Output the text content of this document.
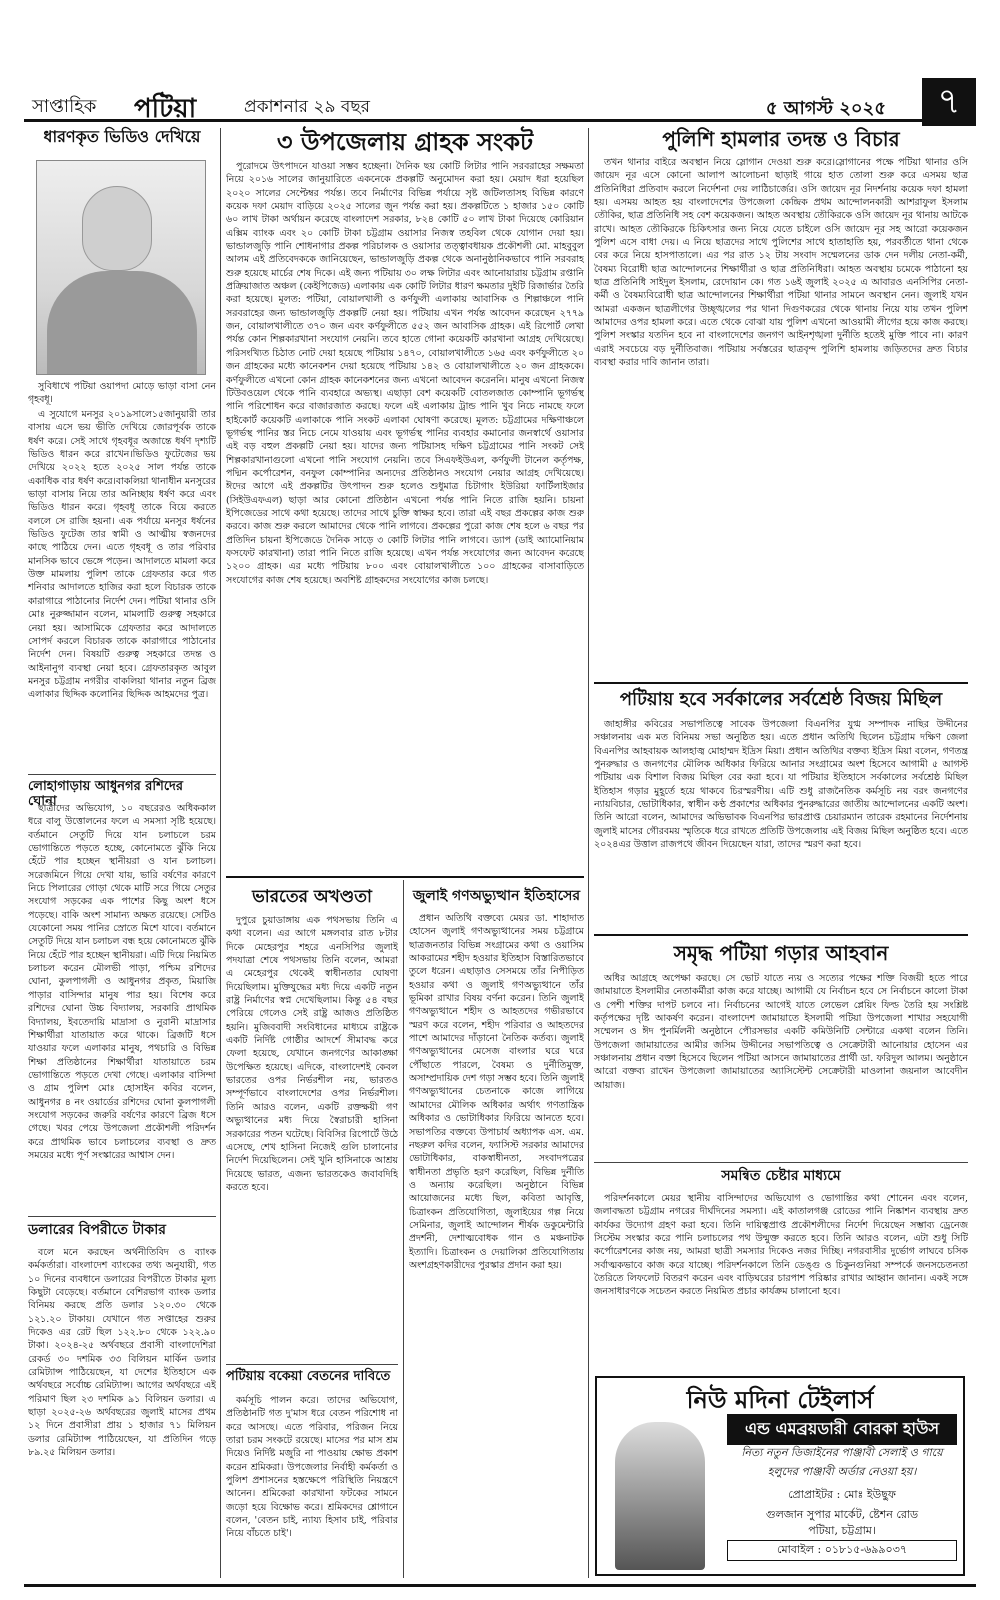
সাপ্তাহিক পটিয়া	প্রকাশনার ২৯ বছর	৫ আগস্ট ২০২৫	৭
ধারণকৃত ভিডিও দেখিয়ে

সুবিধাখে পটিয়া ওয়াপদা মোড়ে ভাড়া বাসা নেন গৃহবধূ।

এ সুযোগে মনসুর ২০১৯সালে১৫জানুয়ারী তার বাসায় এসে ভয় ভীতি দেখিয়ে জোরপূর্বক তাকে ধর্ষণ করে। সেই সাথে গৃহবধূর অজান্তে ধর্ষণ দৃশ্যটি ভিডিও ধারন করে রাখেন।ভিডিও ফুটেজের ভয় দেখিয়ে ২০২২ হতে ২০২৫ সাল পর্যন্ত তাকে একাধিক বার ধর্ষণ করে।বাকলিয়া থানাধীন মনসুরের ভাড়া বাসায় নিয়ে তার অনিচ্ছায় ধর্ষণ করে এবং ভিডিও ধারন করে। গৃহবধূ তাকে বিয়ে করতে বললে সে রাজি হয়না। এক পর্যায়ে মনসুর ধর্ষনের ভিডিও ফুটেজ তার স্বামী ও আত্মীয় স্বজনদের কাছে পাঠিয়ে দেন। এতে গৃহবধূ ও তার পরিবার মানসিক ভাবে ভেঙ্গে পড়েন। আদালতে মামলা করে উক্ত মামলায় পুলিশ তাকে গ্রেফতার করে গত শনিবার আদালতে হাজির করা হলে বিচারক তাকে কারাগারে পাঠানোর নির্দেশ দেন। পটিয়া থানার ওসি মোঃ নুরুজ্জামান বলেন, মামলাটি গুরুত্ব সহকারে নেয়া হয়। আসামিকে গ্রেফতার করে আদালতে সোপর্দ করলে বিচারক তাকে কারাগারে পাঠানোর নির্দেশ দেন। বিষয়টি গুরুত্ব সহকারে তদন্ত ও আইনানুগ ব্যবস্থা নেয়া হবে। গ্রেফতারকৃত আবুল মনসুর চট্টগ্রাম নগরীর বাকলিয়া থানার নতুন ব্রিজ এলাকার ছিদ্দিক কলোনির ছিদ্দিক আহমদের পুত্র।

লোহাগাড়ায় আধুনগর রশিদের ঘোনা

ছাত্রীদের অভিযোগ, ১০ বছরেরও অধিককাল ধরে বালু উত্তোলনের ফলে এ সমস্যা সৃষ্টি হয়েছে। বর্তমানে সেতুটি দিয়ে যান চলাচলে চরম ভোগান্তিতে পড়তে হচ্ছে, কোনোমতে ঝুঁকি নিয়ে হেঁটে পার হচ্ছেন স্থানীয়রা ও যান চলাচল। সরেজমিনে গিয়ে দেখা যায়, ভারি বর্ষণের কারণে নিচে পিলারের গোড়া থেকে মাটি সরে গিয়ে সেতুর সংযোগ সড়কের এক পাশের কিছু অংশ ধসে পড়েছে। বাকি অংশ সামান্য অক্ষত রয়েছে। সেটিও যেকোনো সময় পানির স্রোতে মিশে যাবে। বর্তমানে সেতুটি দিয়ে যান চলাচল বন্ধ হয়ে কোনোমতে ঝুঁকি নিয়ে হেঁটে পার হচ্ছেন স্থানীয়রা। এটি দিয়ে নিয়মিত চলাচল করেন মৌলভী পাড়া, পশ্চিম রশিদের ঘোনা, কুলপাগলী ও আধুনগর প্রকৃত, মিয়াজি পাড়ার বাসিন্দার মানুষ পার হয়। বিশেষ করে রশিদের ঘোনা উচ্চ বিদ্যালয়, সরকারি প্রাথমিক বিদ্যালয়, ইবতেদায়ি মাদ্রাসা ও নুরানী মাদ্রাসার শিক্ষার্থীরা যাতায়াত করে থাকে। ব্রিজটি ধসে যাওয়ার ফলে এলাকার মানুষ, পথচারি ও বিভিন্ন শিক্ষা প্রতিষ্ঠানের শিক্ষার্থীরা যাতায়াতে চরম ভোগান্তিতে পড়তে দেখা গেছে। এলাকার বাসিন্দা ও গ্রাম পুলিশ মোঃ হোসাইন কবির বলেন, আধুনগর ৪ নং ওয়ার্ডের রশিদের ঘোনা কুলপাগলী সংযোগ সড়কের জরুরি বর্ষণের কারণে ব্রিজ ধসে গেছে। খবর পেয়ে উপজেলা প্রকৌশলী পরিদর্শন করে প্রাথমিক ভাবে চলাচলের ব্যবস্থা ও দ্রুত সময়ের মধ্যে পূর্ণ সংস্কারের আশ্বাস দেন।

ডলারের বিপরীতে টাকার

বলে মনে করছেন অর্থনীতিবিদ ও ব্যাংক কর্মকর্তারা। বাংলাদেশ ব্যাংকের তথ্য অনুযায়ী, গত ১০ দিনের ব্যবধানে ডলারের বিপরীতে টাকার মূল্য কিছুটা বেড়েছে। বর্তমানে বেশিরভাগ ব্যাংক ডলার বিনিময় করছে প্রতি ডলার ১২০.৩০ থেকে ১২১.২০ টাকায়। যেখানে গত সপ্তাহের শুরুর দিকেও এর রেট ছিল ১২২.৮০ থেকে ১২২.৯০ টাকা। ২০২৪-২৫ অর্থবছরে প্রবাসী বাংলাদেশিরা রেকর্ড ৩০ দশমিক ৩৩ বিলিয়ন মার্কিন ডলার রেমিট্যান্স পাঠিয়েছেন, যা দেশের ইতিহাসে এক অর্থবছরে সর্বোচ্চ রেমিট্যান্স। আগের অর্থবছরে এই পরিমাণ ছিল ২৩ দশমিক ৯১ বিলিয়ন ডলার। এ ছাড়া ২০২৫-২৬ অর্থবছরের জুলাই মাসের প্রথম ১২ দিনে প্রবাসীরা প্রায় ১ হাজার ৭১ মিলিয়ন ডলার রেমিট্যান্স পাঠিয়েছেন, যা প্রতিদিন গড়ে ৮৯.২৫ মিলিয়ন ডলার।

৩ উপজেলায় গ্রাহক সংকট

পুরোদমে উৎপাদনে যাওয়া সম্ভব হচ্ছেনা। দৈনিক ছয় কোটি লিটার পানি সরবরাহের সক্ষমতা নিয়ে ২০১৬ সালের জানুয়ারিতে একনেকে প্রকল্পটি অনুমোদন করা হয়। মেয়াদ ধরা হয়েছিল ২০২০ সালের সেপ্টেম্বর পর্যন্ত। তবে নির্মাণের বিভিন্ন পর্যায়ে সৃষ্ট জটিলতাসহ বিভিন্ন কারণে কয়েক দফা মেয়াদ বাড়িয়ে ২০২৫ সালের জুন পর্যন্ত করা হয়। প্রকল্পটিতে ১ হাজার ১৫০ কোটি ৬০ লাখ টাকা অর্থায়ন করেছে বাংলাদেশ সরকার, ৮২৪ কোটি ৫০ লাখ টাকা দিয়েছে কোরিয়ান এক্সিম ব্যাংক এবং ২০ কোটি টাকা চট্টগ্রাম ওয়াসার নিজস্ব তহবিল থেকে যোগান দেয়া হয়। ভান্ডালজুড়ি পানি শোধনাগার প্রকল্প পরিচালক ও ওয়াসার তত্ত্বাবধায়ক প্রকৌশলী মো. মাহবুবুল আলম এই প্রতিবেদককে জানিয়েছেন, ভান্ডালজুড়ি প্রকল্প থেকে অনানুষ্ঠানিকভাবে পানি সরবরাহ শুরু হয়েছে মার্চের শেষ দিকে। এই জন্য পটিয়ায় ৩০ লক্ষ লিটার এবং আনোয়ারায় চট্টগ্রাম রপ্তানি প্রক্রিয়াজাত অঞ্চল (কেইপিজেড) এলাকায় এক কোটি লিটার ধারণ ক্ষমতার দুইটি রিজার্ভার তৈরি করা হয়েছে। মূলত: পটিয়া, বোয়ালখালী ও কর্ণফুলী এলাকায় আবাসিক ও শিল্পাঞ্চলে পানি সরবরাহের জন্য ভান্ডালজুড়ি প্রকল্পটি নেয়া হয়। পটিয়ায় এখন পর্যন্ত আবেদন করেছেন ২৭৭৯ জন, বোয়ালখালীতে ৩৭০ জন এবং কর্ণফুলীতে ৫৫২ জন আবাসিক গ্রাহক। এই রিপোর্ট লেখা পর্যন্ত কোন শিল্পকারখানা সংযোগ নেয়নি। তবে হাতে গোনা কয়েকটি কারখানা আগ্রহ দেখিয়েছে। পরিসংখ্যিত চিঠাত নোট দেয়া হয়েছে পটিয়ায় ১৪৭০, বোয়ালখালীতে ১৬৫ এবং কর্ণফুলীতে ২০ জন গ্রাহকের মধ্যে কানেকশন দেয়া হয়েছে পটিয়ায় ১৪২ ও বোয়ালখালীতে ২০ জন গ্রাহককে। কর্ণফুলীতে এখনো কোন গ্রাহক কানেকশনের জন্য এখনো আবেদন করেননি। মানুষ এখনো নিজস্ব টিউবওয়েল থেকে পানি ব্যবহারে অভ্যস্থ। এছাড়া বেশ কয়েকটি বোতলজাত কোম্পানি ভূগর্ভস্থ পানি পরিশোধন করে বাজারজাত করছে। ফলে এই এলাকায় ট্রান্ড পানি খুব নিচে নামছে ফলে হাইকোর্ট কয়েকটি এলাকাকে পানি সংকট এলাকা ঘোষণা করেছে। মূলত: চট্টগ্রামের দক্ষিণাঞ্চলে ভূগর্ভস্থ পানির স্তর নিচে নেমে যাওয়ায় এবং ভূগর্ভস্থ পানির ব্যবহার কমানোর জনস্বার্থে ওয়াসার এই বড় বহুল প্রকল্পটি নেয়া হয়। যাদের জন্য পটিয়াসহ দক্ষিণ চট্টগ্রামের পানি সংকট সেই শিল্পকারখানাগুলো এখনো পানি সংযোগ নেয়নি। তবে সিএফইউএল, কর্ণফুলী টানেল কর্তৃপক্ষ, পদ্মিন কর্পোরেশন, বনফুল কোম্পানির অন্যদের প্রতিষ্ঠানও সংযোগ নেয়ার আগ্রহ দেখিয়েছে। ঈদের আগে এই প্রকল্পটির উৎপাদন শুরু হলেও শুধুমাত্র চিটাগাং ইউরিয়া ফার্টিলাইজার (সিইউএফএল) ছাড়া আর কোনো প্রতিষ্ঠান এখনো পর্যন্ত পানি নিতে রাজি হয়নি। চায়না ইপিজেডের সাথে কথা হয়েছে। তাদের সাথে চুক্তি স্বাক্ষর হবে। তারা এই বছর প্রকল্পের কাজ শুরু করবে। কাজ শুরু করলে আমাদের থেকে পানি লাগবে। প্রকল্পের পুরো কাজ শেষ হলে ৬ বছর পর প্রতিদিন চায়না ইপিজেডে দৈনিক সাড়ে ৩ কোটি লিটার পানি লাগবে। ড্যাপ (ডাই অ্যামোনিয়াম ফসফেট কারখানা) তারা পানি নিতে রাজি হয়েছে। এখন পর্যন্ত সংযোগের জন্য আবেদন করেছে ১২০০ গ্রাহক। এর মধ্যে পটিয়ায় ৮০০ এবং বোয়ালখালীতে ১০০ গ্রাহকের বাসাবাড়িতে সংযোগের কাজ শেষ হয়েছে। অবশিষ্ট গ্রাহকদের সংযোগের কাজ চলছে।

ভারতের অখণ্ডতা

দুপুরে চুয়াডাঙ্গায় এক পথসভায় তিনি এ কথা বলেন। এর আগে মঙ্গলবার রাত ৮টার দিকে মেহেরপুর শহরে এনসিপির জুলাই পদযাত্রা শেষে পথসভায় তিনি বলেন, আমরা এ মেহেরপুর থেকেই স্বাধীনতার ঘোষণা দিয়েছিলাম। মুক্তিযুদ্ধের মধ্য দিয়ে একটি নতুন রাষ্ট্র নির্মাণের স্বপ্ন দেখেছিলাম। কিন্তু ৫৪ বছর পেরিয়ে গেলেও সেই রাষ্ট্র আজও প্রতিষ্ঠিত হয়নি। মুজিববাদী সংবিধানের মাধ্যমে রাষ্ট্রকে একটি নির্দিষ্ট গোষ্ঠীর আদর্শে সীমাবদ্ধ করে ফেলা হয়েছে, যেখানে জনগণের আকাঙ্ক্ষা উপেক্ষিত হয়েছে। এদিকে, বাংলাদেশই কেবল ভারতের ওপর নির্ভরশীল নয়, ভারতও সম্পূর্ণভাবে বাংলাদেশের ওপর নির্ভরশীল। তিনি আরও বলেন, একটি রক্তক্ষয়ী গণ অভ্যুত্থানের মধ্য দিয়ে স্বৈরাচারী হাসিনা সরকারের পতন ঘটেছে। বিবিসির রিপোর্টে উঠে এসেছে, শেখ হাসিনা নিজেই গুলি চালানোর নির্দেশ দিয়েছিলেন। সেই খুনি হাসিনাকে আশ্রয় দিয়েছে ভারত, এজন্য ভারতকেও জবাবদিহি করতে হবে।

পটিয়ায় বকেয়া বেতনের দাবিতে

কর্মসূচি পালন করে। তাদের অভিযোগ, প্রতিষ্ঠানটি গত দু'মাস ধরে বেতন পরিশোধ না করে আসছে। এতে পরিবার, পরিজন নিয়ে তারা চরম সংকটে রয়েছে। মাসের পর মাস শ্রম দিয়েও নির্দিষ্ট মজুরি না পাওয়ায় ক্ষোভ প্রকাশ করেন শ্রমিকরা। উপজেলার নির্বাহী কর্মকর্তা ও পুলিশ প্রশাসনের হস্তক্ষেপে পরিস্থিতি নিয়ন্ত্রণে আনেন। শ্রমিকেরা কারখানা ফটকের সামনে জড়ো হয়ে বিক্ষোভ করে। শ্রমিকদের শ্লোগানে বলেন, 'বেতন চাই, ন্যায্য হিসাব চাই, পরিবার নিয়ে বাঁচতে চাই'।

জুলাই গণঅভ্যুত্থান ইতিহাসের

প্রধান অতিথি বক্তব্যে মেয়র ডা. শাহাদাত হোসেন জুলাই গণঅভ্যুত্থানের সময় চট্টগ্রামে ছাত্রজনতার বিভিন্ন সংগ্রামের কথা ও ওয়াসিম আকরামের শহীদ হওয়ার ইতিহাস বিস্তারিতভাবে তুলে ধরেন। এছাড়াও সেসময়ে তাঁর নিপীড়িত হওয়ার কথা ও জুলাই গণঅভ্যুত্থানে তাঁর ভূমিকা রাখার বিষয় বর্ণনা করেন। তিনি জুলাই গণঅভ্যুত্থানে শহীদ ও আহতদের গভীরভাবে স্মরণ করে বলেন, শহীদ পরিবার ও আহতদের পাশে আমাদের দাঁড়ানো নৈতিক কর্তব্য। জুলাই গণঅভ্যুত্থানের মেসেজ বাংলার ঘরে ঘরে পৌঁছাতে পারলে, বৈষম্য ও দুর্নীতিমুক্ত, অসাম্প্রদায়িক দেশ গড়া সম্ভব হবে। তিনি জুলাই গণঅভ্যুত্থানের চেতনাকে কাজে লাগিয়ে আমাদের মৌলিক অধিকার অর্থাৎ গণতান্ত্রিক অধিকার ও ভোটাধিকার ফিরিয়ে আনতে হবে। সভাপতির বক্তব্যে উপাচার্য অধ্যাপক এস. এম. নছরুল কদির বলেন, ফ্যাসিস্ট সরকার আমাদের ভোটাধিকার, বাকস্বাধীনতা, সংবাদপত্রের স্বাধীনতা প্রভৃতি হরণ করেছিল, বিভিন্ন দুর্নীতি ও অন্যায় করেছিল। অনুষ্ঠানে বিভিন্ন আয়োজনের মধ্যে ছিল, কবিতা আবৃত্তি, চিত্রাংকন প্রতিযোগিতা, জুলাইয়ের গল্প নিয়ে সেমিনার, জুলাই আন্দোলন শীর্ষক ডকুমেন্টারি প্রদর্শনী, দেশাত্মবোধক গান ও মঞ্চনাটক ইত্যাদি। চিত্রাংকন ও দেয়ালিকা প্রতিযোগিতায় অংশগ্রহণকারীদের পুরস্কার প্রদান করা হয়।

পুলিশি হামলার তদন্ত ও বিচার

তখন থানার বাইরে অবস্থান নিয়ে স্লোগান দেওয়া শুরু করে।স্লোগানের পক্ষে পটিয়া থানার ওসি জায়েদ নূর এসে কোনো আলাপ আলোচনা ছাড়াই গায়ে হাত তোলা শুরু করে এসময় ছাত্র প্রতিনিধিরা প্রতিবাদ করলে নির্দেশনা দেয় লাঠিচার্জের। ওসি জায়েদ নূর নিদর্শনায় কয়েক দফা হামলা হয়। এসময় আহত হয় বাংলাদেশের উপজেলা কেন্দ্রিক প্রথম আন্দোলনকারী আশরাফুল ইসলাম তৌকির, ছাত্র প্রতিনিধি সহ বেশ কয়েকজন। আহত অবস্থায় তৌকিরকে ওসি জায়েদ নূর থানায় আটকে রাখে। আহত তৌকিরকে চিকিৎসার জন্য নিয়ে যেতে চাইলে ওসি জায়েদ নূর সহ আরো কয়েকজন পুলিশ এসে বাধা দেয়। এ নিয়ে ছাত্রদের সাথে পুলিশের সাথে হাতাহাতি হয়, পরবর্তীতে থানা থেকে বের করে নিয়ে হাসপাতালে। এর পর রাত ১২ টায় সংবাদ সম্মেলনের ডাক দেন দলীয় নেতা-কর্মী, বৈষম্য বিরোধী ছাত্র আন্দোলনের শিক্ষার্থীরা ও ছাত্র প্রতিনিধিরা। আহত অবস্থায় চমেকে পাঠানো হয় ছাত্র প্রতিনিধি সাইদুল ইসলাম, রেদোয়ান কে। গত ১৬ই জুলাই ২০২৫ এ আবারও এনসিপির নেতা-কর্মী ও বৈষম্যবিরোধী ছাত্র আন্দোলনের শিক্ষার্থীরা পটিয়া থানার সামনে অবস্থান নেন। জুলাই যখন আমরা একজন ছাত্রলীগের উচ্ছৃঙ্খলের পর থানা দিগুণকরের থেকে থানায় নিয়ে যায় তখন পুলিশ আমাদের ওপর হামলা করে। এতে থেকে বোঝা যায় পুলিশ এখনো আওয়ামী লীগের হয়ে কাজ করছে। পুলিশ সংস্কার যতদিন হবে না বাংলাদেশের জনগণ আইনশৃঙ্খলা দুর্নীতি হতেই মুক্তি পাবে না। কারণ এরাই সবচেয়ে বড় দুর্নীতিবাজ। পটিয়ায় সর্বস্তরের ছাত্রবৃন্দ পুলিশি হামলায় জড়িতদের দ্রুত বিচার ব্যবস্থা করার দাবি জানান তারা।

পটিয়ায় হবে সর্বকালের সর্বশ্রেষ্ঠ বিজয় মিছিল

জাহাঙ্গীর কবিরের সভাপতিত্বে সাবেক উপজেলা বিএনপির যুগ্ম সম্পাদক নাছির উদ্দীনের সঞ্চালনায় এক মত বিনিময় সভা অনুষ্ঠিত হয়। এতে প্রধান অতিথি ছিলেন চট্টগ্রাম দক্ষিণ জেলা বিএনপির আহবায়ক আলহাজ্ব মোহাম্মদ ইদ্রিস মিয়া। প্রধান অতিথির বক্তব্য ইদ্রিস মিয়া বলেন, গণতন্ত্র পুনরুদ্ধার ও জনগণের মৌলিক অধিকার ফিরিয়ে আনার সংগ্রামের অংশ হিসেবে আগামী ৫ আগস্ট পটিয়ায় এক বিশাল বিজয় মিছিল বের করা হবে। যা পটিয়ার ইতিহাসে সর্বকালের সর্বশ্রেষ্ঠ মিছিল ইতিহাস গড়ার মুহূর্তে হয়ে থাকবে চিরস্মরণীয়। এটি শুধু রাজনৈতিক কর্মসূচি নয় বরং জনগণের ন্যায়বিচার, ভোটাধিকার, স্বাধীন কণ্ঠ প্রকাশের অধিকার পুনরুদ্ধারের জাতীয় আন্দোলনের একটি অংশ। তিনি আরো বলেন, আমাদের অভিভাবক বিএনপির ভারপ্রাপ্ত চেয়ারম্যান তারেক রহমানের নির্দেশনায় জুলাই মাসের গৌরবময় স্মৃতিকে ধরে রাখতে প্রতিটি উপজেলায় এই বিজয় মিছিল অনুষ্ঠিত হবে। এতে ২০২৪এর উত্তাল রাজপথে জীবন দিয়েছেন যারা, তাদের স্মরণ করা হবে।

সমৃদ্ধ পটিয়া গড়ার আহবান

অধির আগ্রহে অপেক্ষা করছে। সে ভোট যাতে ন্যয় ও সত্যের পক্ষের শক্তি বিজয়ী হতে পারে জামায়াতে ইসলামীর নেতাকর্মীরা কাজ করে যাচ্ছে। আগামী যে নির্বাচন হবে সে নির্বাচনে কালো টাকা ও পেশী শক্তির দাপট চলবে না। নির্বাচনের আগেই যাতে লেভেল প্লেয়িং ফিল্ড তৈরি হয় সংশ্লিষ্ট কর্তৃপক্ষের দৃষ্টি আকর্ষণ করেন। বাংলাদেশ জামায়াতে ইসলামী পটিয়া উপজেলা শাখার সহযোগী সম্মেলন ও ঈদ পুনর্মিলনী অনুষ্ঠানে পৌরসভার একটি কমিউনিটি সেন্টারে একথা বলেন তিনি। উপজেলা জামায়াতের আমীর জসিম উদ্দীনের সভাপতিত্বে ও সেক্রেটারী আনোয়ার হোসেন এর সঞ্চালনায় প্রধান বক্তা হিসেবে ছিলেন পটিয়া আসনে জামায়াতের প্রার্থী ডা. ফরিদুল আলম। অনুষ্ঠানে আরো বক্তব্য রাখেন উপজেলা জামায়াতের অ্যাসিস্টেন্ট সেক্রেটারী মাওলানা জয়নাল আবেদীন আয়াজ।

সমন্বিত চেষ্টার মাধ্যমে

পরিদর্শনকালে মেয়র স্থানীয় বাসিন্দাদের অভিযোগ ও ভোগান্তির কথা শোনেন এবং বলেন, জলাবদ্ধতা চট্টগ্রাম নগরের দীর্ঘদিনের সমস্যা। এই কাতালগঞ্জ রোডের পানি নিষ্কাশন ব্যবস্থায় দ্রুত কার্যকর উদ্যোগ গ্রহণ করা হবে। তিনি দায়িত্বপ্রাপ্ত প্রকৌশলীদের নির্দেশ দিয়েছেন সম্ভাব্য ড্রেনেজ সিস্টেম সংস্কার করে পানি চলাচলের পথ উন্মুক্ত করতে হবে। তিনি আরও বলেন, এটা শুধু সিটি কর্পোরেশনের কাজ নয়, আমরা ছাত্রী সমস্যার দিকেও নজর দিচ্ছি। নগরবাসীর দুর্ভোগ লাঘবে চসিক সর্বাত্মকভাবে কাজ করে যাচ্ছে। পরিদর্শনকালে তিনি ডেঙ্গু ও চিকুনগুনিয়া সম্পর্কে জনসচেতনতা তৈরিতে লিফলেট বিতরণ করেন এবং বাড়িঘরের চারপাশ পরিষ্কার রাখার আহ্বান জানান। একই সঙ্গে জনসাধারণকে সচেতন করতে নিয়মিত প্রচার কার্যক্রম চালানো হবে।

নিউ মদিনা টেইলার্স
এন্ড এমব্রয়ডারী বোরকা হাউস
নিত্য নতুন ডিজাইনের পাঞ্জাবী সেলাই ও গায়ে হলুদের পাঞ্জাবী অর্ডার নেওয়া হয়।
প্রোপ্রাইটর : মোঃ ইউছুফ
গুলজান সুপার মার্কেট, ষ্টেশন রোড
পটিয়া, চট্টগ্রাম।
মোবাইল : ০১৮১৫-৬৯৯০৩৭
